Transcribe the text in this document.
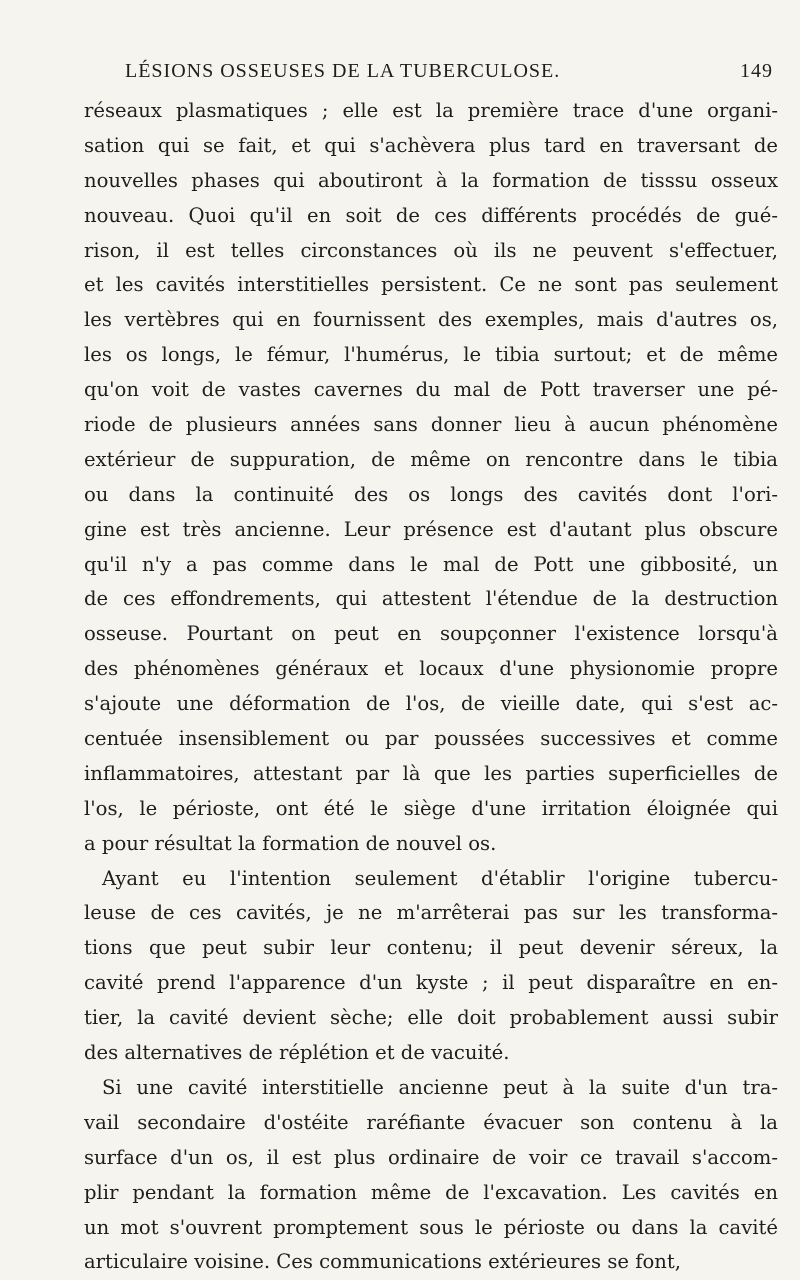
LÉSIONS OSSEUSES DE LA TUBERCULOSE.	149
réseaux plasmatiques ; elle est la première trace d'une organi-
sation qui se fait, et qui s'achèvera plus tard en traversant de
nouvelles phases qui aboutiront à la formation de tisssu osseux
nouveau. Quoi qu'il en soit de ces différents procédés de gué-
rison, il est telles circonstances où ils ne peuvent s'effectuer,
et les cavités interstitielles persistent. Ce ne sont pas seulement
les vertèbres qui en fournissent des exemples, mais d'autres os,
les os longs, le fémur, l'humérus, le tibia surtout; et de même
qu'on voit de vastes cavernes du mal de Pott traverser une pé-
riode de plusieurs années sans donner lieu à aucun phénomène
extérieur de suppuration, de même on rencontre dans le tibia
ou dans la continuité des os longs des cavités dont l'ori-
gine est très ancienne. Leur présence est d'autant plus obscure
qu'il n'y a pas comme dans le mal de Pott une gibbosité, un
de ces effondrements, qui attestent l'étendue de la destruction
osseuse. Pourtant on peut en soupçonner l'existence lorsqu'à
des phénomènes généraux et locaux d'une physionomie propre
s'ajoute une déformation de l'os, de vieille date, qui s'est ac-
centuée insensiblement ou par poussées successives et comme
inflammatoires, attestant par là que les parties superficielles de
l'os, le périoste, ont été le siège d'une irritation éloignée qui
a pour résultat la formation de nouvel os.
Ayant eu l'intention seulement d'établir l'origine tubercu-
leuse de ces cavités, je ne m'arrêterai pas sur les transforma-
tions que peut subir leur contenu; il peut devenir séreux, la
cavité prend l'apparence d'un kyste ; il peut disparaître en en-
tier, la cavité devient sèche; elle doit probablement aussi subir
des alternatives de réplétion et de vacuité.
Si une cavité interstitielle ancienne peut à la suite d'un tra-
vail secondaire d'ostéite raréfiante évacuer son contenu à la
surface d'un os, il est plus ordinaire de voir ce travail s'accom-
plir pendant la formation même de l'excavation. Les cavités en
un mot s'ouvrent promptement sous le périoste ou dans la cavité
articulaire voisine. Ces communications extérieures se font,
